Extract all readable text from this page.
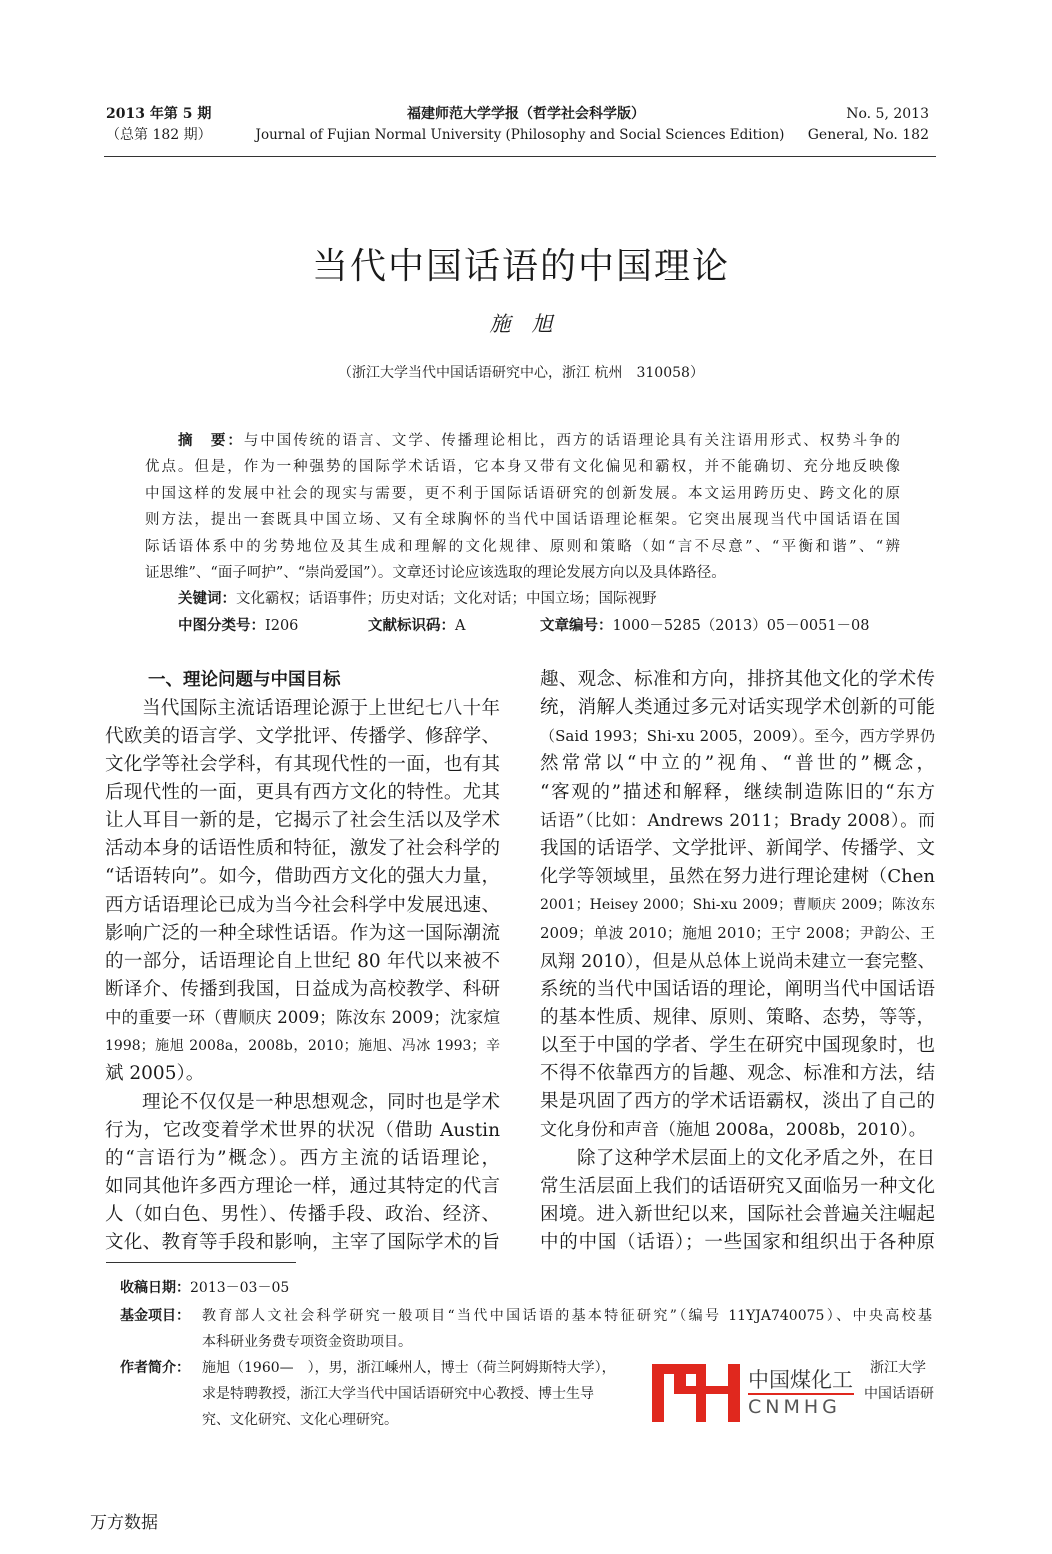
2013 年第 5 期
（总第 182 期）
福建师范大学学报（哲学社会科学版）
Journal of Fujian Normal University (Philosophy and Social Sciences Edition)
No. 5, 2013
General, No. 182
当代中国话语的中国理论
施　旭
（浙江大学当代中国话语研究中心，浙江 杭州　310058）
摘　要：与中国传统的语言、文学、传播理论相比，西方的话语理论具有关注语用形式、权势斗争的
优点。但是，作为一种强势的国际学术话语，它本身又带有文化偏见和霸权，并不能确切、充分地反映像
中国这样的发展中社会的现实与需要，更不利于国际话语研究的创新发展。本文运用跨历史、跨文化的原
则方法，提出一套既具中国立场、又有全球胸怀的当代中国话语理论框架。它突出展现当代中国话语在国
际话语体系中的劣势地位及其生成和理解的文化规律、原则和策略（如“言不尽意”、“平衡和谐”、“辨
证思维”、“面子呵护”、“崇尚爱国”）。文章还讨论应该选取的理论发展方向以及具体路径。
关键词：文化霸权；话语事件；历史对话；文化对话；中国立场；国际视野
中图分类号：I206	文献标识码：A	文章编号：1000－5285（2013）05－0051－08
一、理论问题与中国目标
当代国际主流话语理论源于上世纪七八十年
代欧美的语言学、文学批评、传播学、修辞学、
文化学等社会学科，有其现代性的一面，也有其
后现代性的一面，更具有西方文化的特性。尤其
让人耳目一新的是，它揭示了社会生活以及学术
活动本身的话语性质和特征，激发了社会科学的
“话语转向”。如今，借助西方文化的强大力量，
西方话语理论已成为当今社会科学中发展迅速、
影响广泛的一种全球性话语。作为这一国际潮流
的一部分，话语理论自上世纪 80 年代以来被不
断译介、传播到我国，日益成为高校教学、科研
中的重要一环（曹顺庆 2009；陈汝东 2009；沈家煊
1998；施旭 2008a，2008b，2010；施旭、冯冰 1993；辛
斌 2005）。
理论不仅仅是一种思想观念，同时也是学术
行为，它改变着学术世界的状况（借助 Austin
的“言语行为”概念）。西方主流的话语理论，
如同其他许多西方理论一样，通过其特定的代言
人（如白色、男性）、传播手段、政治、经济、
文化、教育等手段和影响，主宰了国际学术的旨
趣、观念、标准和方向，排挤其他文化的学术传
统，消解人类通过多元对话实现学术创新的可能
（Said 1993；Shi-xu 2005，2009）。至今，西方学界仍
然常常以“中立的”视角、“普世的”概念，
“客观的”描述和解释，继续制造陈旧的“东方
话语”（比如：Andrews 2011；Brady 2008）。而
我国的话语学、文学批评、新闻学、传播学、文
化学等领域里，虽然在努力进行理论建树（Chen
2001；Heisey 2000；Shi-xu 2009；曹顺庆 2009；陈汝东
2009；单波 2010；施旭 2010；王宁 2008；尹韵公、王
凤翔 2010），但是从总体上说尚未建立一套完整、
系统的当代中国话语的理论，阐明当代中国话语
的基本性质、规律、原则、策略、态势，等等，
以至于中国的学者、学生在研究中国现象时，也
不得不依靠西方的旨趣、观念、标准和方法，结
果是巩固了西方的学术话语霸权，淡出了自己的
文化身份和声音（施旭 2008a，2008b，2010）。
除了这种学术层面上的文化矛盾之外，在日
常生活层面上我们的话语研究又面临另一种文化
困境。进入新世纪以来，国际社会普遍关注崛起
中的中国（话语）；一些国家和组织出于各种原
收稿日期：2013－03－05
基金项目： 教育部人文社会科学研究一般项目“当代中国话语的基本特征研究”（编号 11YJA740075）、中央高校基
本科研业务费专项资金资助项目。
作者简介： 施旭（1960—　），男，浙江嵊州人，博士（荷兰阿姆斯特大学），	浙江大学
求是特聘教授，浙江大学当代中国话语研究中心教授、博士生导	中国话语研
究、文化研究、文化心理研究。
中国煤化工
CNMHG
万方数据
